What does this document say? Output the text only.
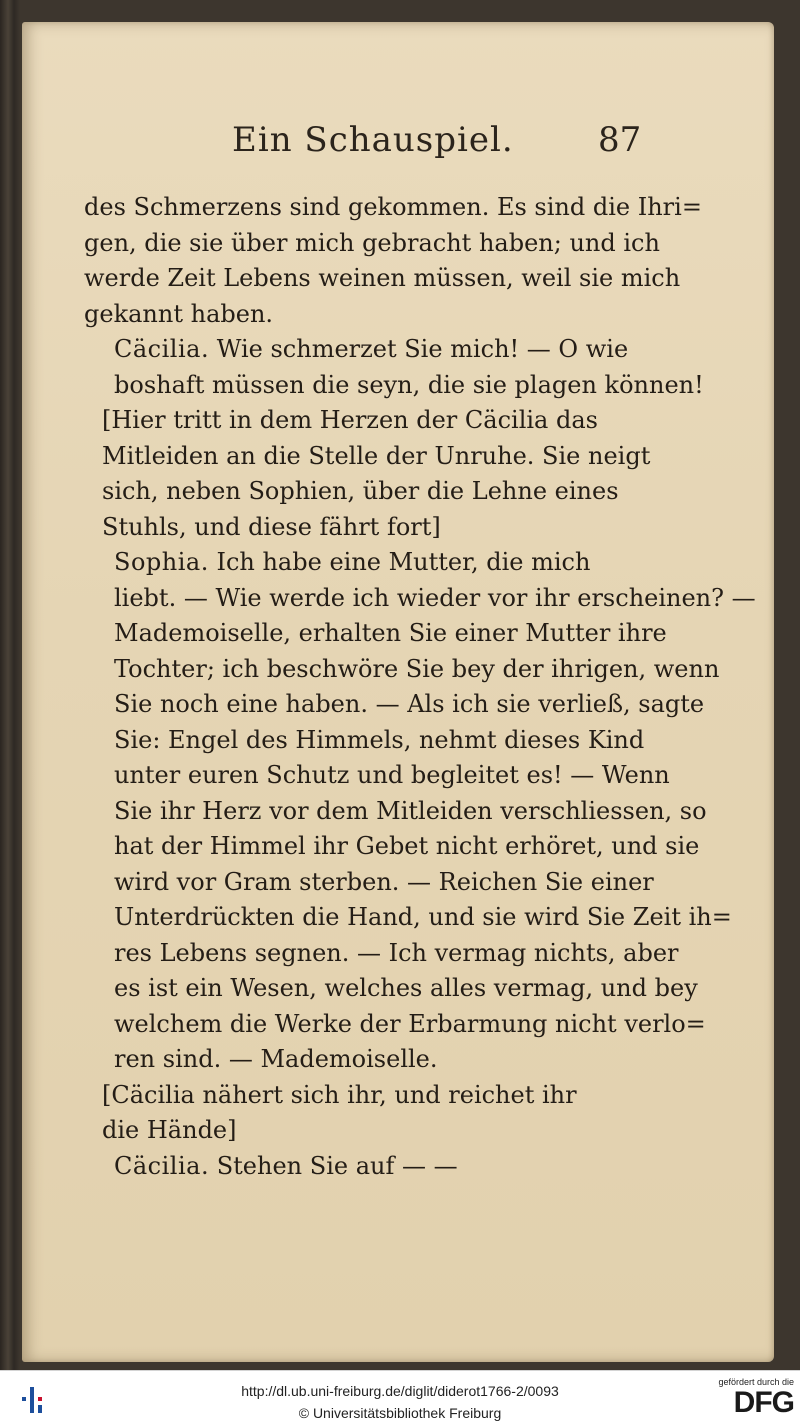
Ein Schauspiel. 87

des Schmerzens sind gekommen. Es sind die Ihri=
gen, die sie über mich gebracht haben; und ich
werde Zeit Lebens weinen müssen, weil sie mich
gekannt haben.

Cäcilia. Wie schmerzet Sie mich! — O wie
boshaft müssen die seyn, die sie plagen können!

[Hier tritt in dem Herzen der Cäcilia das
Mitleiden an die Stelle der Unruhe. Sie neigt
sich, neben Sophien, über die Lehne eines
Stuhls, und diese fährt fort]

Sophia. Ich habe eine Mutter, die mich
liebt. — Wie werde ich wieder vor ihr erscheinen? —
Mademoiselle, erhalten Sie einer Mutter ihre
Tochter; ich beschwöre Sie bey der ihrigen, wenn
Sie noch eine haben. — Als ich sie verließ, sagte
Sie: Engel des Himmels, nehmt dieses Kind
unter euren Schutz und begleitet es! — Wenn
Sie ihr Herz vor dem Mitleiden verschliessen, so
hat der Himmel ihr Gebet nicht erhöret, und sie
wird vor Gram sterben. — Reichen Sie einer
Unterdrückten die Hand, und sie wird Sie Zeit ih=
res Lebens segnen. — Ich vermag nichts, aber
es ist ein Wesen, welches alles vermag, und bey
welchem die Werke der Erbarmung nicht verlo=
ren sind. — Mademoiselle.

[Cäcilia nähert sich ihr, und reichet ihr
die Hände]

Cäcilia. Stehen Sie auf — —

http://dl.ub.uni-freiburg.de/diglit/diderot1766-2/0093
© Universitätsbibliothek Freiburg
gefördert durch die
DFG
